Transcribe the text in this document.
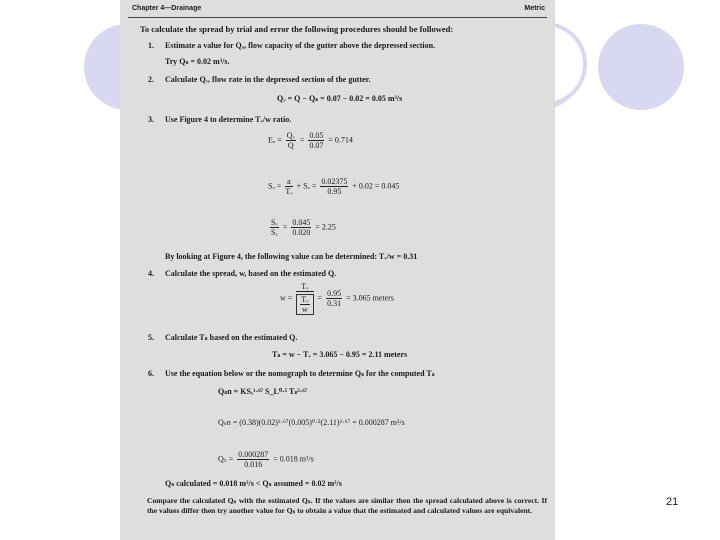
Chapter 4—Drainage	Metric
To calculate the spread by trial and error the following procedures should be followed:
1. Estimate a value for Qₐ, flow capacity of the gutter above the depressed section.
Try Qₛ = 0.02 m³/s.
2. Calculate Qᵥ, flow rate in the depressed section of the gutter.
Qᵥ = Q − Qₛ = 0.07 − 0.02 = 0.05 m³/s
3. Use Figure 4 to determine Tᵥ/w ratio.
$E_o = \frac{\text{Qᵥ}}{Q} = \frac{0.05}{0.07} = 0.714$
Sᵥ = $\frac{a}{\text{Tᵥ}} + S_x = \frac{0.02375}{0.95} + 0.02 = 0.045$
$\frac{\text{Sᵥ}}{\text{Sₓ}} = \frac{0.045}{0.020} = 2.25$
By looking at Figure 4, the following value can be determined: Tᵥ/w = 0.31
4. Calculate the spread, w, based on the estimated Q.
$w = \frac{\text{Tᵥ}}{\frac{\text{Tᵥ}}{w}} = \frac{0.95}{0.31} = 3.065$ meters
5. Calculate Tₛ based on the estimated Q.
Tₛ = w − Tᵥ = 3.065 − 0.95 = 2.11 meters
6. Use the equation below or the nomograph to determine Qₛ for the computed Tₛ
Qₛn = KSₓ¹·⁶⁷ S_L⁰·⁵ Tₛ²·⁶⁷
Qₛn = (0.38)(0.02)¹·⁶⁷(0.005)⁰·⁵(2.11)²·⁶⁷ = 0.000287 m³/s
$Q_s = \frac{0.000287}{0.016} = 0.018$ m³/s
Qₛ calculated = 0.018 m³/s < Qₛ assumed = 0.02 m³/s
Compare the calculated Qₛ with the estimated Qₛ. If the values are similar then the spread calculated above is correct. If the values differ then try another value for Qₛ to obtain a value that the estimated and calculated values are equivalent.
21
